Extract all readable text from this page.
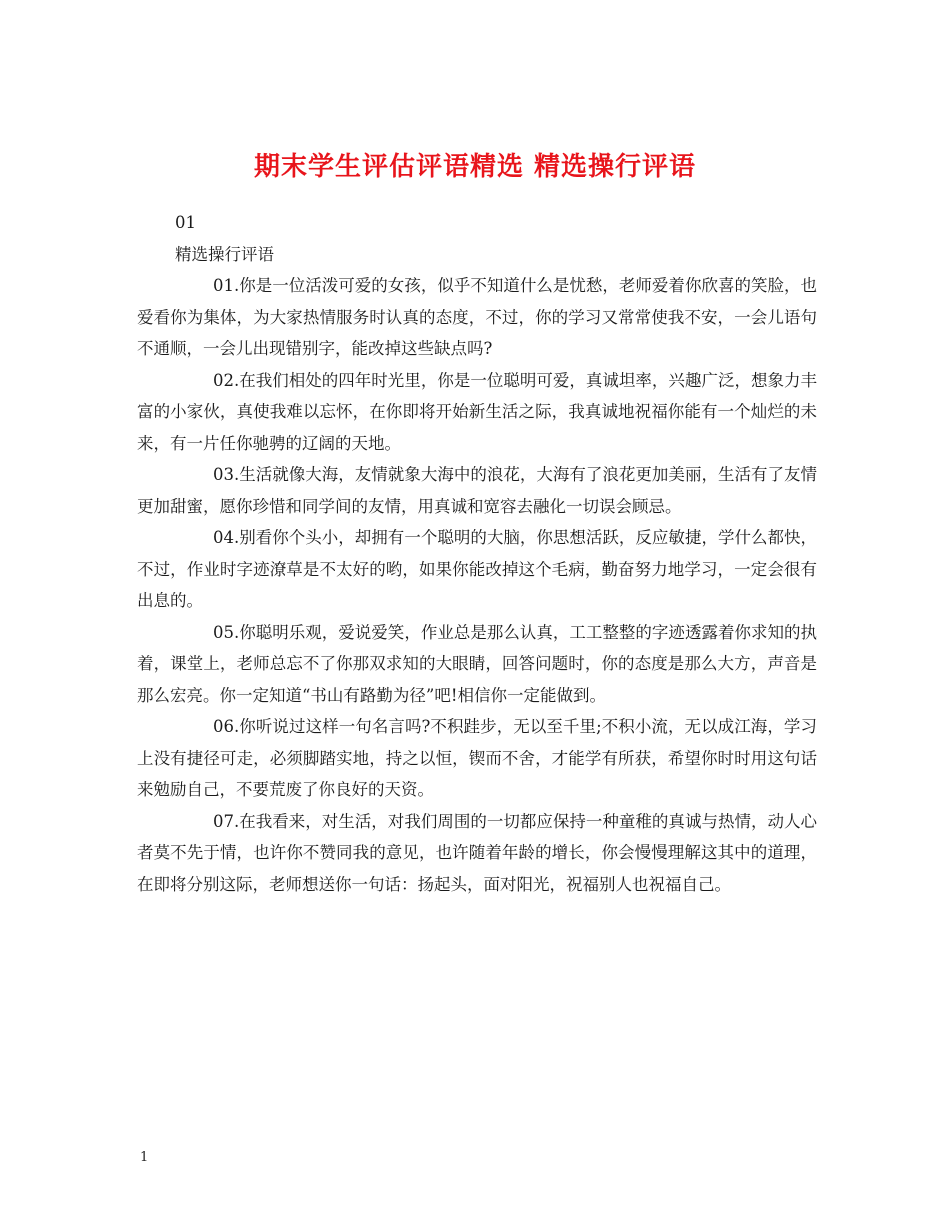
期末学生评估评语精选 精选操行评语

01

精选操行评语

01.你是一位活泼可爱的女孩，似乎不知道什么是忧愁，老师爱着你欣喜的笑脸，也爱看你为集体，为大家热情服务时认真的态度，不过，你的学习又常常使我不安，一会儿语句不通顺，一会儿出现错别字，能改掉这些缺点吗?

02.在我们相处的四年时光里，你是一位聪明可爱，真诚坦率，兴趣广泛，想象力丰富的小家伙，真使我难以忘怀，在你即将开始新生活之际，我真诚地祝福你能有一个灿烂的未来，有一片任你驰骋的辽阔的天地。

03.生活就像大海，友情就象大海中的浪花，大海有了浪花更加美丽，生活有了友情更加甜蜜，愿你珍惜和同学间的友情，用真诚和宽容去融化一切误会顾忌。

04.别看你个头小，却拥有一个聪明的大脑，你思想活跃，反应敏捷，学什么都快，不过，作业时字迹潦草是不太好的哟，如果你能改掉这个毛病，勤奋努力地学习，一定会很有出息的。

05.你聪明乐观，爱说爱笑，作业总是那么认真，工工整整的字迹透露着你求知的执着，课堂上，老师总忘不了你那双求知的大眼睛，回答问题时，你的态度是那么大方，声音是那么宏亮。你一定知道“书山有路勤为径”吧!相信你一定能做到。

06.你听说过这样一句名言吗?不积跬步，无以至千里;不积小流，无以成江海，学习上没有捷径可走，必须脚踏实地，持之以恒，锲而不舍，才能学有所获，希望你时时用这句话来勉励自己，不要荒废了你良好的天资。

07.在我看来，对生活，对我们周围的一切都应保持一种童稚的真诚与热情，动人心者莫不先于情，也许你不赞同我的意见，也许随着年龄的增长，你会慢慢理解这其中的道理，在即将分别这际，老师想送你一句话：扬起头，面对阳光，祝福别人也祝福自己。

1
